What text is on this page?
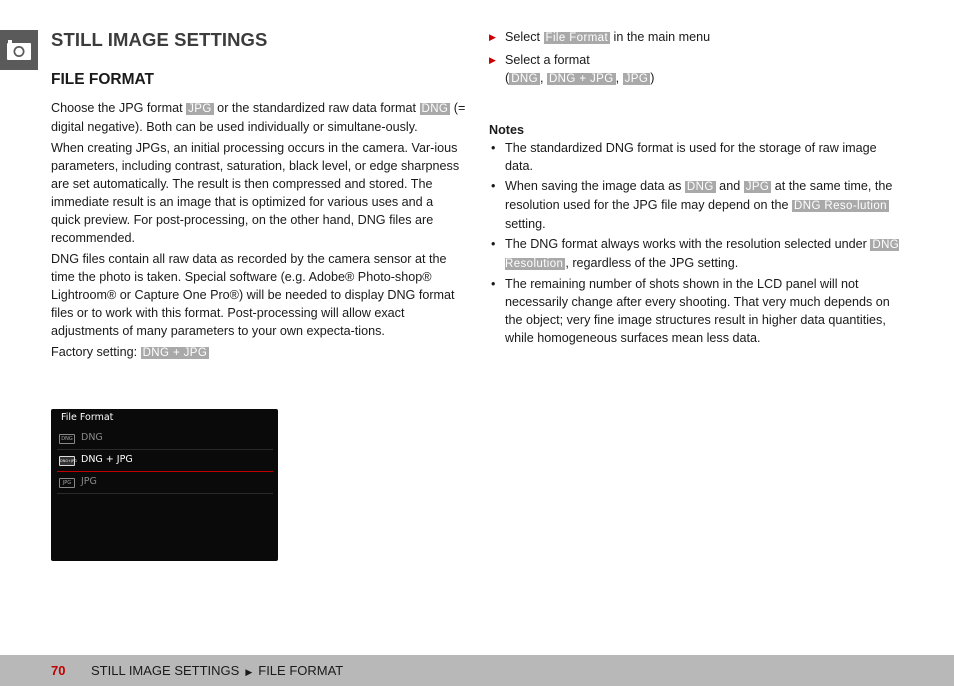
STILL IMAGE SETTINGS
FILE FORMAT

Choose the JPG format JPG or the standardized raw data format DNG (= digital negative). Both can be used individually or simultane-ously.

When creating JPGs, an initial processing occurs in the camera. Var-ious parameters, including contrast, saturation, black level, or edge sharpness are set automatically. The result is then compressed and stored. The immediate result is an image that is optimized for various uses and a quick preview. For post-processing, on the other hand, DNG files are recommended.

DNG files contain all raw data as recorded by the camera sensor at the time the photo is taken. Special software (e.g. Adobe® Photo-shop® Lightroom® or Capture One Pro®) will be needed to display DNG format files or to work with this format. Post-processing will allow exact adjustments of many parameters to your own expecta-tions.

Factory setting: DNG + JPG

File Format
DNG DNG
DNG+JPG DNG + JPG
JPG	JPG
▶ Select File Format in the main menu
▶ Select a format
( DNG , DNG + JPG , JPG )
Notes
• The standardized DNG format is used for the storage of raw image data.
• When saving the image data as DNG and JPG at the same time, the resolution used for the JPG file may depend on the DNG Reso-lution setting.
• The DNG format always works with the resolution selected under DNG Resolution , regardless of the JPG setting.
• The remaining number of shots shown in the LCD panel will not necessarily change after every shooting. That very much depends on the object; very fine image structures result in higher data quantities, while homogeneous surfaces mean less data.
70 STILL IMAGE SETTINGS ▶ FILE FORMAT
